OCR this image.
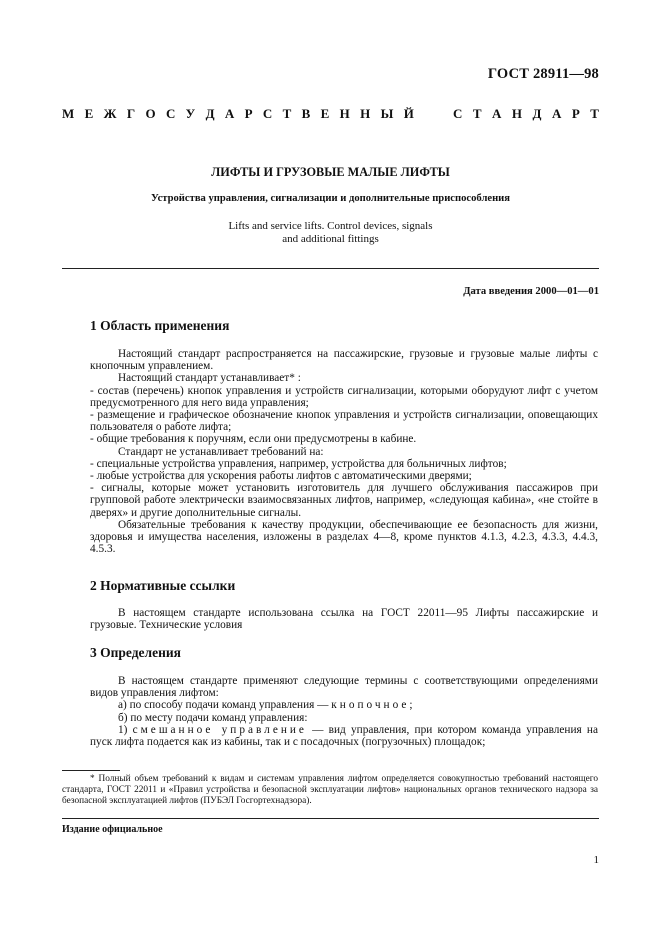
ГОСТ 28911—98
М Е Ж Г О С У Д А Р С Т В Е Н Н Ы Й	С Т А Н Д А Р Т
ЛИФТЫ И ГРУЗОВЫЕ МАЛЫЕ ЛИФТЫ
Устройства управления, сигнализации и дополнительные приспособления
Lifts and service lifts. Control devices, signals
and additional fittings
Дата введения 2000—01—01
1 Область применения

Настоящий стандарт распространяется на пассажирские, грузовые и грузовые малые лифты с кнопочным управлением.

Настоящий стандарт устанавливает* :

- состав (перечень) кнопок управления и устройств сигнализации, которыми оборудуют лифт с учетом предусмотренного для него вида управления;

- размещение и графическое обозначение кнопок управления и устройств сигнализации, оповещающих пользователя о работе лифта;

- общие требования к поручням, если они предусмотрены в кабине.

Стандарт не устанавливает требований на:

- специальные устройства управления, например, устройства для больничных лифтов;

- любые устройства для ускорения работы лифтов с автоматическими дверями;

- сигналы, которые может установить изготовитель для лучшего обслуживания пассажиров при групповой работе электрически взаимосвязанных лифтов, например, «следующая кабина», «не стойте в дверях» и другие дополнительные сигналы.

Обязательные требования к качеству продукции, обеспечивающие ее безопасность для жизни, здоровья и имущества населения, изложены в разделах 4—8, кроме пунктов 4.1.3, 4.2.3, 4.3.3, 4.4.3, 4.5.3.

2 Нормативные ссылки

В настоящем стандарте использована ссылка на ГОСТ 22011—95 Лифты пассажирские и грузовые. Технические условия

3 Определения

В настоящем стандарте применяют следующие термины с соответствующими определениями видов управления лифтом:

а) по способу подачи команд управления — кнопочное;

б) по месту подачи команд управления:

1) смешанное управление — вид управления, при котором команда управления на пуск лифта подается как из кабины, так и с посадочных (погрузочных) площадок;

* Полный объем требований к видам и системам управления лифтом определяется совокупностью требований настоящего стандарта, ГОСТ 22011 и «Правил устройства и безопасной эксплуатации лифтов» национальных органов технического надзора за безопасной эксплуатацией лифтов (ПУБЭЛ Госгортехнадзора).

Издание официальное
1
